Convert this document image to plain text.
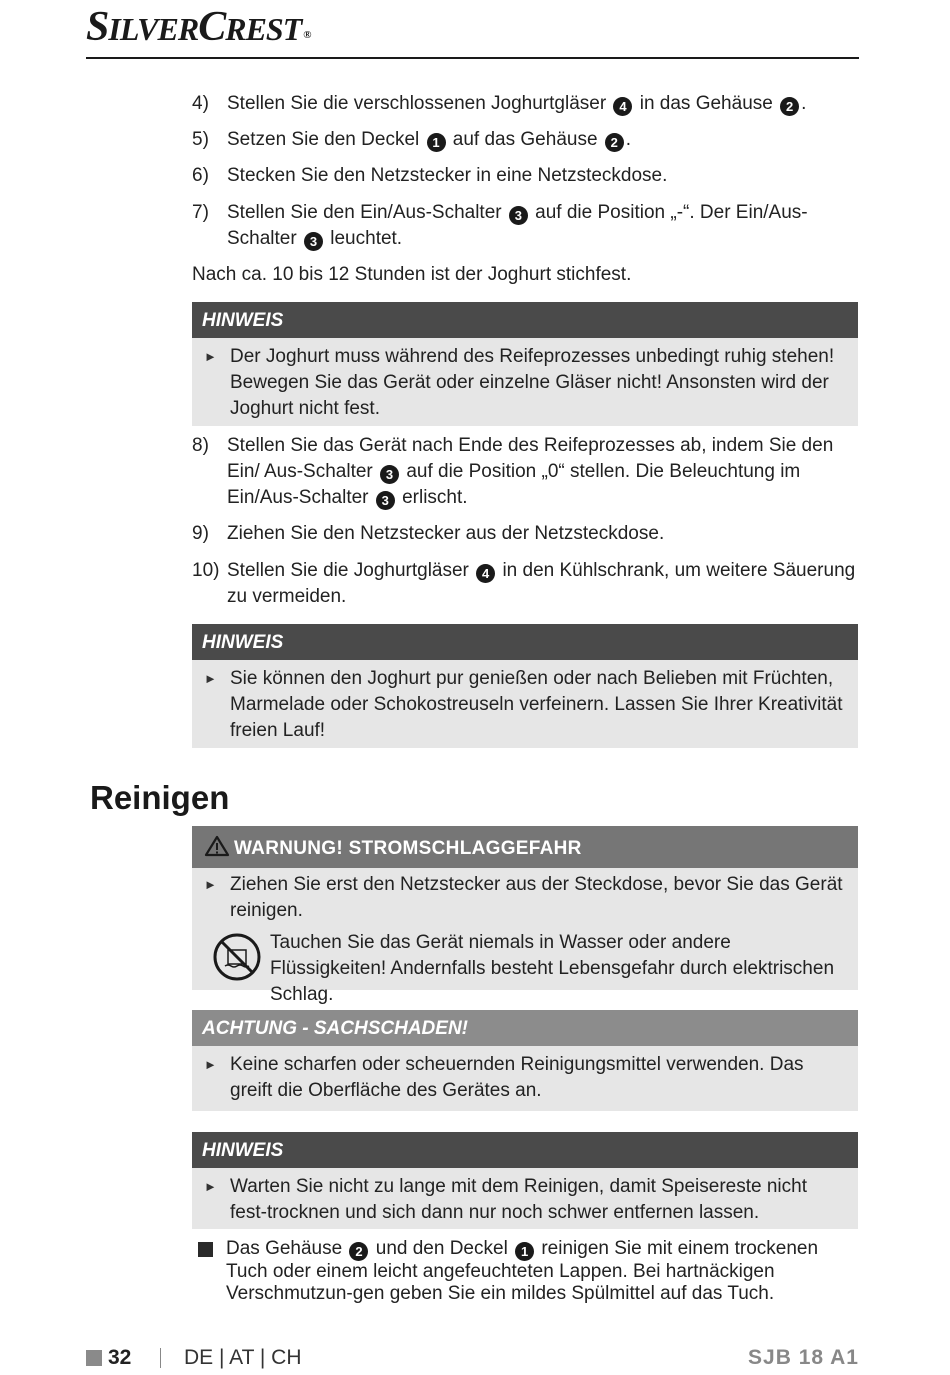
SILVERCREST ®
4) Stellen Sie die verschlossenen Joghurtgläser 4 in das Gehäuse 2 .
5) Setzen Sie den Deckel 1 auf das Gehäuse 2 .
6) Stecken Sie den Netzstecker in eine Netzsteckdose.
7) Stellen Sie den Ein/Aus-Schalter 3 auf die Position „-“. Der Ein/Aus-Schalter 3 leuchtet.
Nach ca. 10 bis 12 Stunden ist der Joghurt stichfest.
HINWEIS
► Der Joghurt muss während des Reifeprozesses unbedingt ruhig stehen! Bewegen Sie das Gerät oder einzelne Gläser nicht! Ansonsten wird der Joghurt nicht fest.
8) Stellen Sie das Gerät nach Ende des Reifeprozesses ab, indem Sie den Ein/ Aus-Schalter 3 auf die Position „0“ stellen. Die Beleuchtung im Ein/Aus-Schalter 3 erlischt.
9) Ziehen Sie den Netzstecker aus der Netzsteckdose.
10) Stellen Sie die Joghurtgläser 4 in den Kühlschrank, um weitere Säuerung zu vermeiden.
HINWEIS
► Sie können den Joghurt pur genießen oder nach Belieben mit Früchten, Marmelade oder Schokostreuseln verfeinern. Lassen Sie Ihrer Kreativität freien Lauf!
Reinigen
WARNUNG! STROMSCHLAGGEFAHR
► Ziehen Sie erst den Netzstecker aus der Steckdose, bevor Sie das Gerät reinigen.
Tauchen Sie das Gerät niemals in Wasser oder andere Flüssigkeiten! Andernfalls besteht Lebensgefahr durch elektrischen Schlag.
ACHTUNG - SACHSCHADEN!
► Keine scharfen oder scheuernden Reinigungsmittel verwenden. Das greift die Oberfläche des Gerätes an.
HINWEIS
► Warten Sie nicht zu lange mit dem Reinigen, damit Speisereste nicht fest-trocknen und sich dann nur noch schwer entfernen lassen.
Das Gehäuse 2 und den Deckel 1 reinigen Sie mit einem trockenen Tuch oder einem leicht angefeuchteten Lappen. Bei hartnäckigen Verschmutzun-gen geben Sie ein mildes Spülmittel auf das Tuch.
32	DE | AT | CH	SJB 18 A1
